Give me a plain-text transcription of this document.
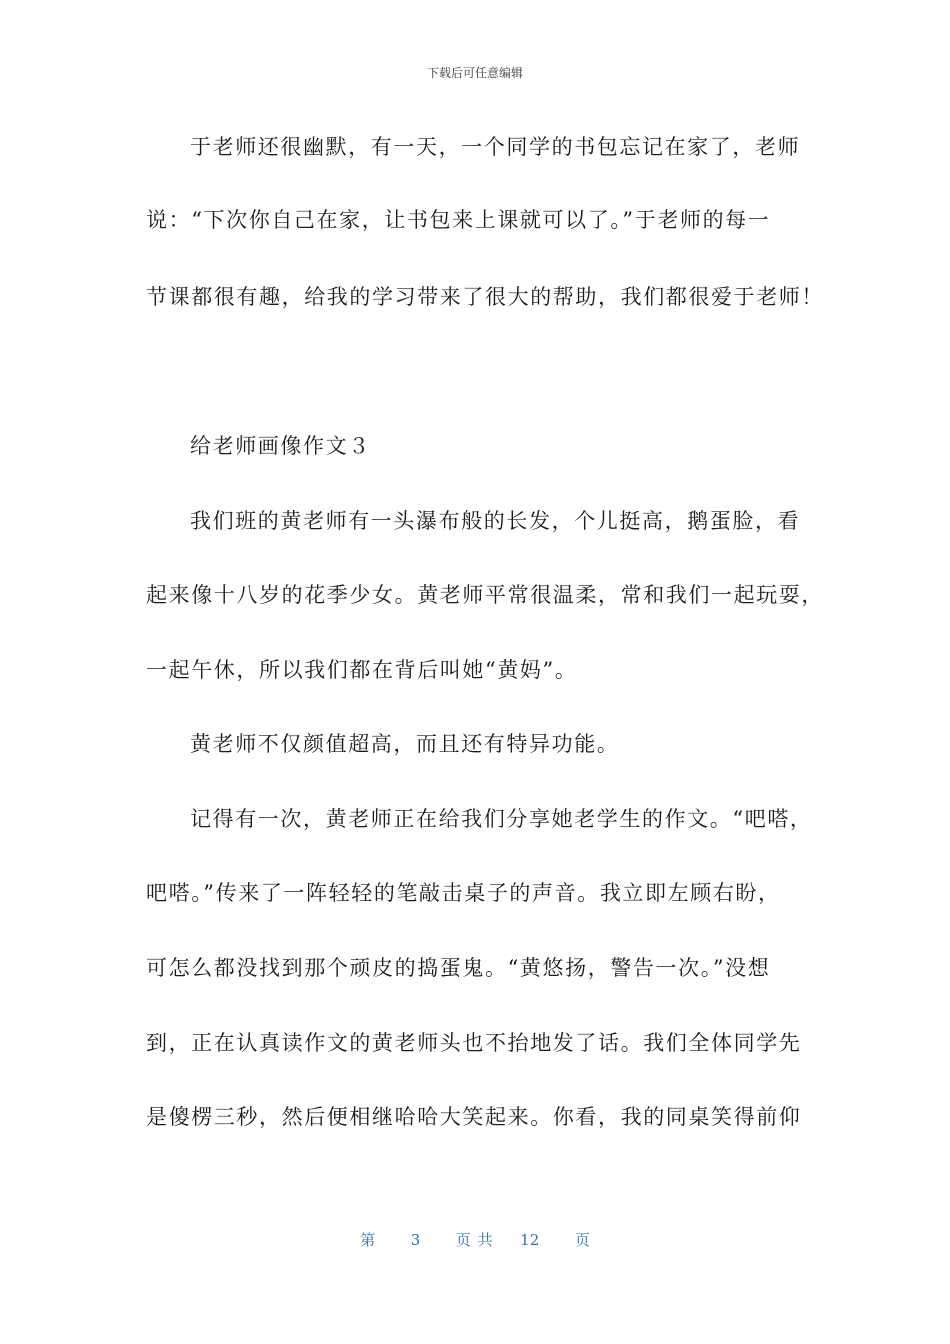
下载后可任意编辑
于老师还很幽默，有一天，一个同学的书包忘记在家了，老师
说：“下次你自己在家，让书包来上课就可以了。”于老师的每一
节课都很有趣，给我的学习带来了很大的帮助，我们都很爱于老师！
给老师画像作文３
我们班的黄老师有一头瀑布般的长发，个儿挺高，鹅蛋脸，看
起来像十八岁的花季少女。黄老师平常很温柔，常和我们一起玩耍，
一起午休，所以我们都在背后叫她“黄妈”。
黄老师不仅颜值超高，而且还有特异功能。
记得有一次，黄老师正在给我们分享她老学生的作文。“吧嗒，
吧嗒。”传来了一阵轻轻的笔敲击桌子的声音。我立即左顾右盼，
可怎么都没找到那个顽皮的捣蛋鬼。“黄悠扬，警告一次。”没想
到，正在认真读作文的黄老师头也不抬地发了话。我们全体同学先
是傻楞三秒，然后便相继哈哈大笑起来。你看，我的同桌笑得前仰
第 3 页 共 12 页
